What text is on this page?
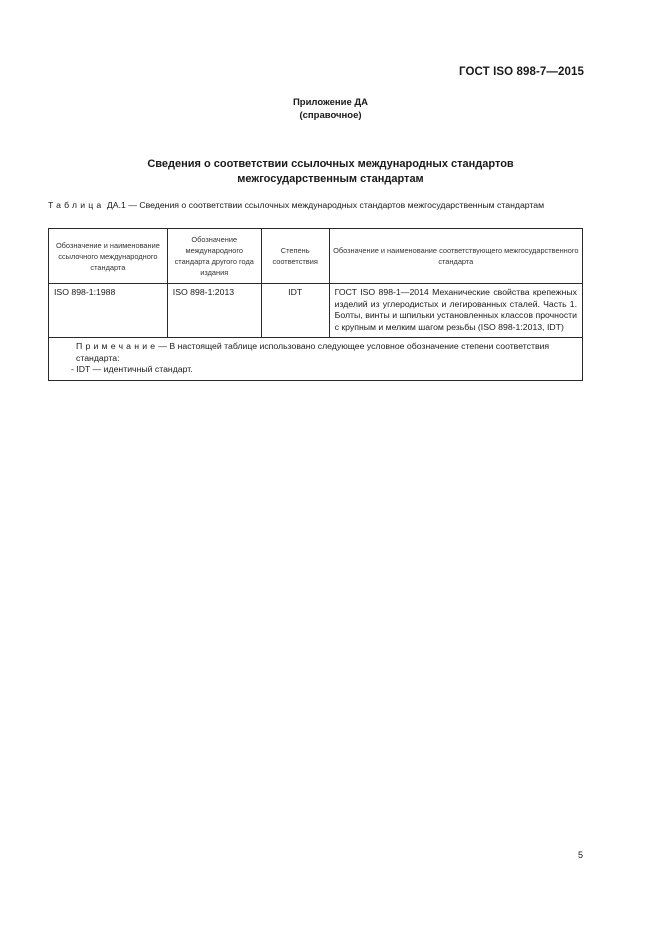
ГОСТ ISO 898-7—2015
Приложение ДА
(справочное)
Сведения о соответствии ссылочных международных стандартов
межгосударственным стандартам
Таблица ДА.1 — Сведения о соответствии ссылочных международных стандартов межгосударственным стандартам
Обозначение и наименование ссылочного международного стандарта	Обозначение международного стандарта другого года издания	Степень соответствия	Обозначение и наименование соответствующего межгосударственного стандарта
ISO 898-1:1988	ISO 898-1:2013	IDT	ГОСТ ISO 898-1—2014 Механические свойства крепежных изделий из углеродистых и легированных сталей. Часть 1. Болты, винты и шпильки установленных классов прочности с крупным и мелким шагом резьбы (ISO 898-1:2013, IDT)

Примечание— В настоящей таблице использовано следующее условное обозначение степени соответствия стандарта:
- IDT — идентичный стандарт.			
5
